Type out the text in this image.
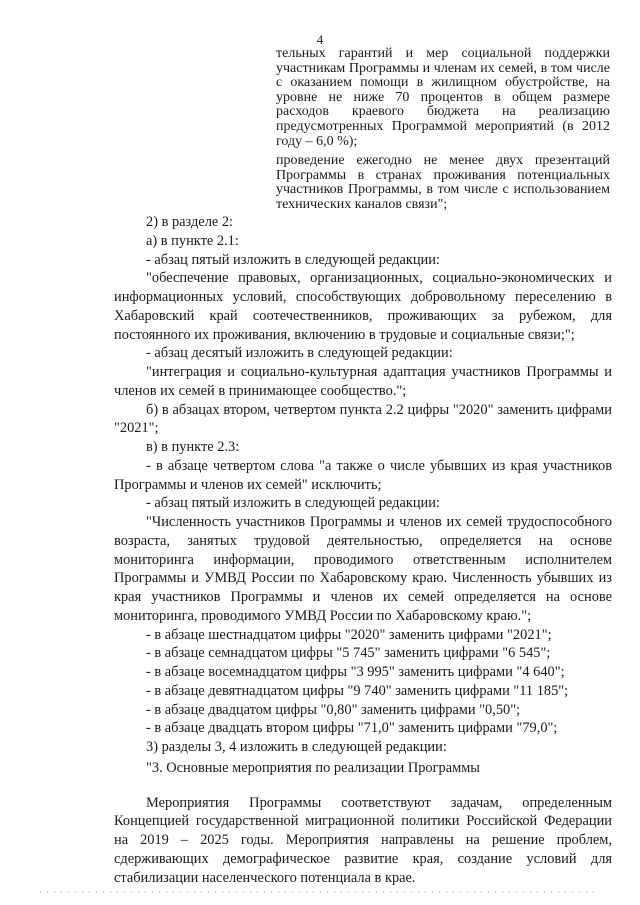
4

тельных гарантий и мер социальной поддержки участникам Программы и членам их семей, в том числе с оказанием помощи в жилищном обустройстве, на уровне не ниже 70 процентов в общем размере расходов краевого бюджета на реализацию предусмотренных Программой мероприятий (в 2012 году – 6,0 %);

проведение ежегодно не менее двух презентаций Программы в странах проживания потенциальных участников Программы, в том числе с использованием технических каналов связи";

2) в разделе 2:

а) в пункте 2.1:

- абзац пятый изложить в следующей редакции:

"обеспечение правовых, организационных, социально-экономических и информационных условий, способствующих добровольному переселению в Хабаровский край соотечественников, проживающих за рубежом, для постоянного их проживания, включению в трудовые и социальные связи;";

- абзац десятый изложить в следующей редакции:

"интеграция и социально-культурная адаптация участников Программы и членов их семей в принимающее сообщество.";

б) в абзацах втором, четвертом пункта 2.2 цифры "2020" заменить цифрами "2021";

в) в пункте 2.3:

- в абзаце четвертом слова "а также о числе убывших из края участников Программы и членов их семей" исключить;

- абзац пятый изложить в следующей редакции:

"Численность участников Программы и членов их семей трудоспособного возраста, занятых трудовой деятельностью, определяется на основе мониторинга информации, проводимого ответственным исполнителем Программы и УМВД России по Хабаровскому краю. Численность убывших из края участников Программы и членов их семей определяется на основе мониторинга, проводимого УМВД России по Хабаровскому краю.";

- в абзаце шестнадцатом цифры "2020" заменить цифрами "2021";

- в абзаце семнадцатом цифры "5 745" заменить цифрами "6 545";

- в абзаце восемнадцатом цифры "3 995" заменить цифрами "4 640";

- в абзаце девятнадцатом цифры "9 740" заменить цифрами "11 185";

- в абзаце двадцатом цифры "0,80" заменить цифрами "0,50";

- в абзаце двадцать втором цифры "71,0" заменить цифрами "79,0";

3) разделы 3, 4 изложить в следующей редакции:

"3. Основные мероприятия по реализации Программы

Мероприятия Программы соответствуют задачам, определенным Концепцией государственной миграционной политики Российской Федерации на 2019 – 2025 годы. Мероприятия направлены на решение проблем, сдерживающих демографическое развитие края, создание условий для стабилизации населенческого потенциала в крае.
